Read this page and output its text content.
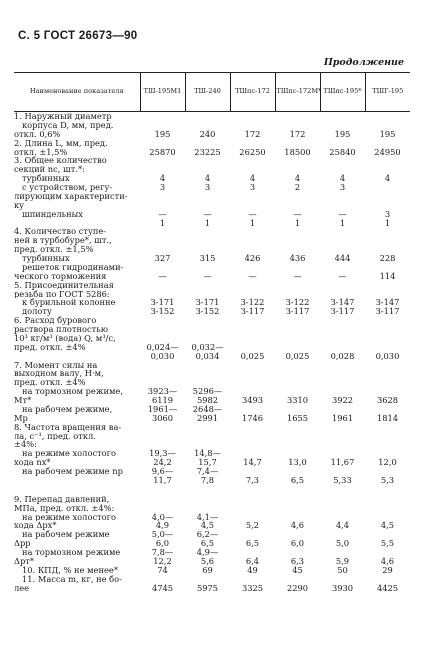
С. 5 ГОСТ 26673—90
Продолжение
Наименование показателя	ТШ-195М1	ТШ-240	ТШпс-172	ТШпс-172М*	ТШпс-195*	ТШГ-195
1. Наружный диаметр						
корпуса D, мм, пред.						
откл. 0,6%	195	240	172	172	195	195
2. Длина L, мм, пред.						
откл. ±1,5%	25870	23225	26250	18500	25840	24950
3. Общее количество						
секций nс, шт.*:						
турбинных	4	4	4	4	4	4
с устройством, регу-	3	3	3	2	3	
лирующим характеристи-						
ку						
шпиндельных	—	—	—	—	—	3
	1	1	1	1	1	1
4. Количество ступе-						
ней в турбобуре*, шт.,						
пред. откл. ±1,5%						
турбинных	327	315	426	436	444	228
решеток гидродинами-						
ческого торможения	—	—	—	—	—	114
5. Присоединительная						
резьба по ГОСТ 5286:						
к бурильной колонне	З-171	З-171	З-122	З-122	З-147	З-147
долоту	З-152	З-152	З-117	З-117	З-117	З-117
6. Расход бурового						
раствора плотностью						
10³ кг/м³ (вода) Q, м³/с,						
пред. откл. ±4%	0,024—	0,032—				
	0,030	0,034	0,025	0,025	0,028	0,030
7. Момент силы на						
выходном валу, Н·м,						
пред. откл. ±4%						
на тормозном режиме,	3923—	5296—				
Mт*	6119	5982	3493	3310	3922	3628
на рабочем режиме,	1961—	2648—				
Mр	3060	2991	1746	1655	1961	1814
8. Частота вращения ва-						
ла, с⁻¹, пред. откл.						
±4%:						
на режиме холостого	19,3—	14,8—				
хода nх*	24,2	15,7	14,7	13,0	11,67	12,0
на рабочем режиме nр	9,6—	7,4—				
	11,7	7,8	7,3	6,5	5,33	5,3

9. Перепад давлений,						
МПа, пред. откл. ±4%:						
на режиме холостого	4,0—	4,1—				
хода Δрх*	4,9	4,5	5,2	4,6	4,4	4,5
на рабочем режиме	5,0—	6,2—				
Δрр	6,0	6,5	6,5	6,0	5,0	5,5
на тормозном режиме	7,8—	4,9—				
Δрт*	12,2	5,6	6,4	6,3	5,9	4,6
10. КПД, % не менее*	74	69	49	45	50	29
11. Масса m, кг, не бо-						
лее	4745	5975	3325	2290	3930	4425
